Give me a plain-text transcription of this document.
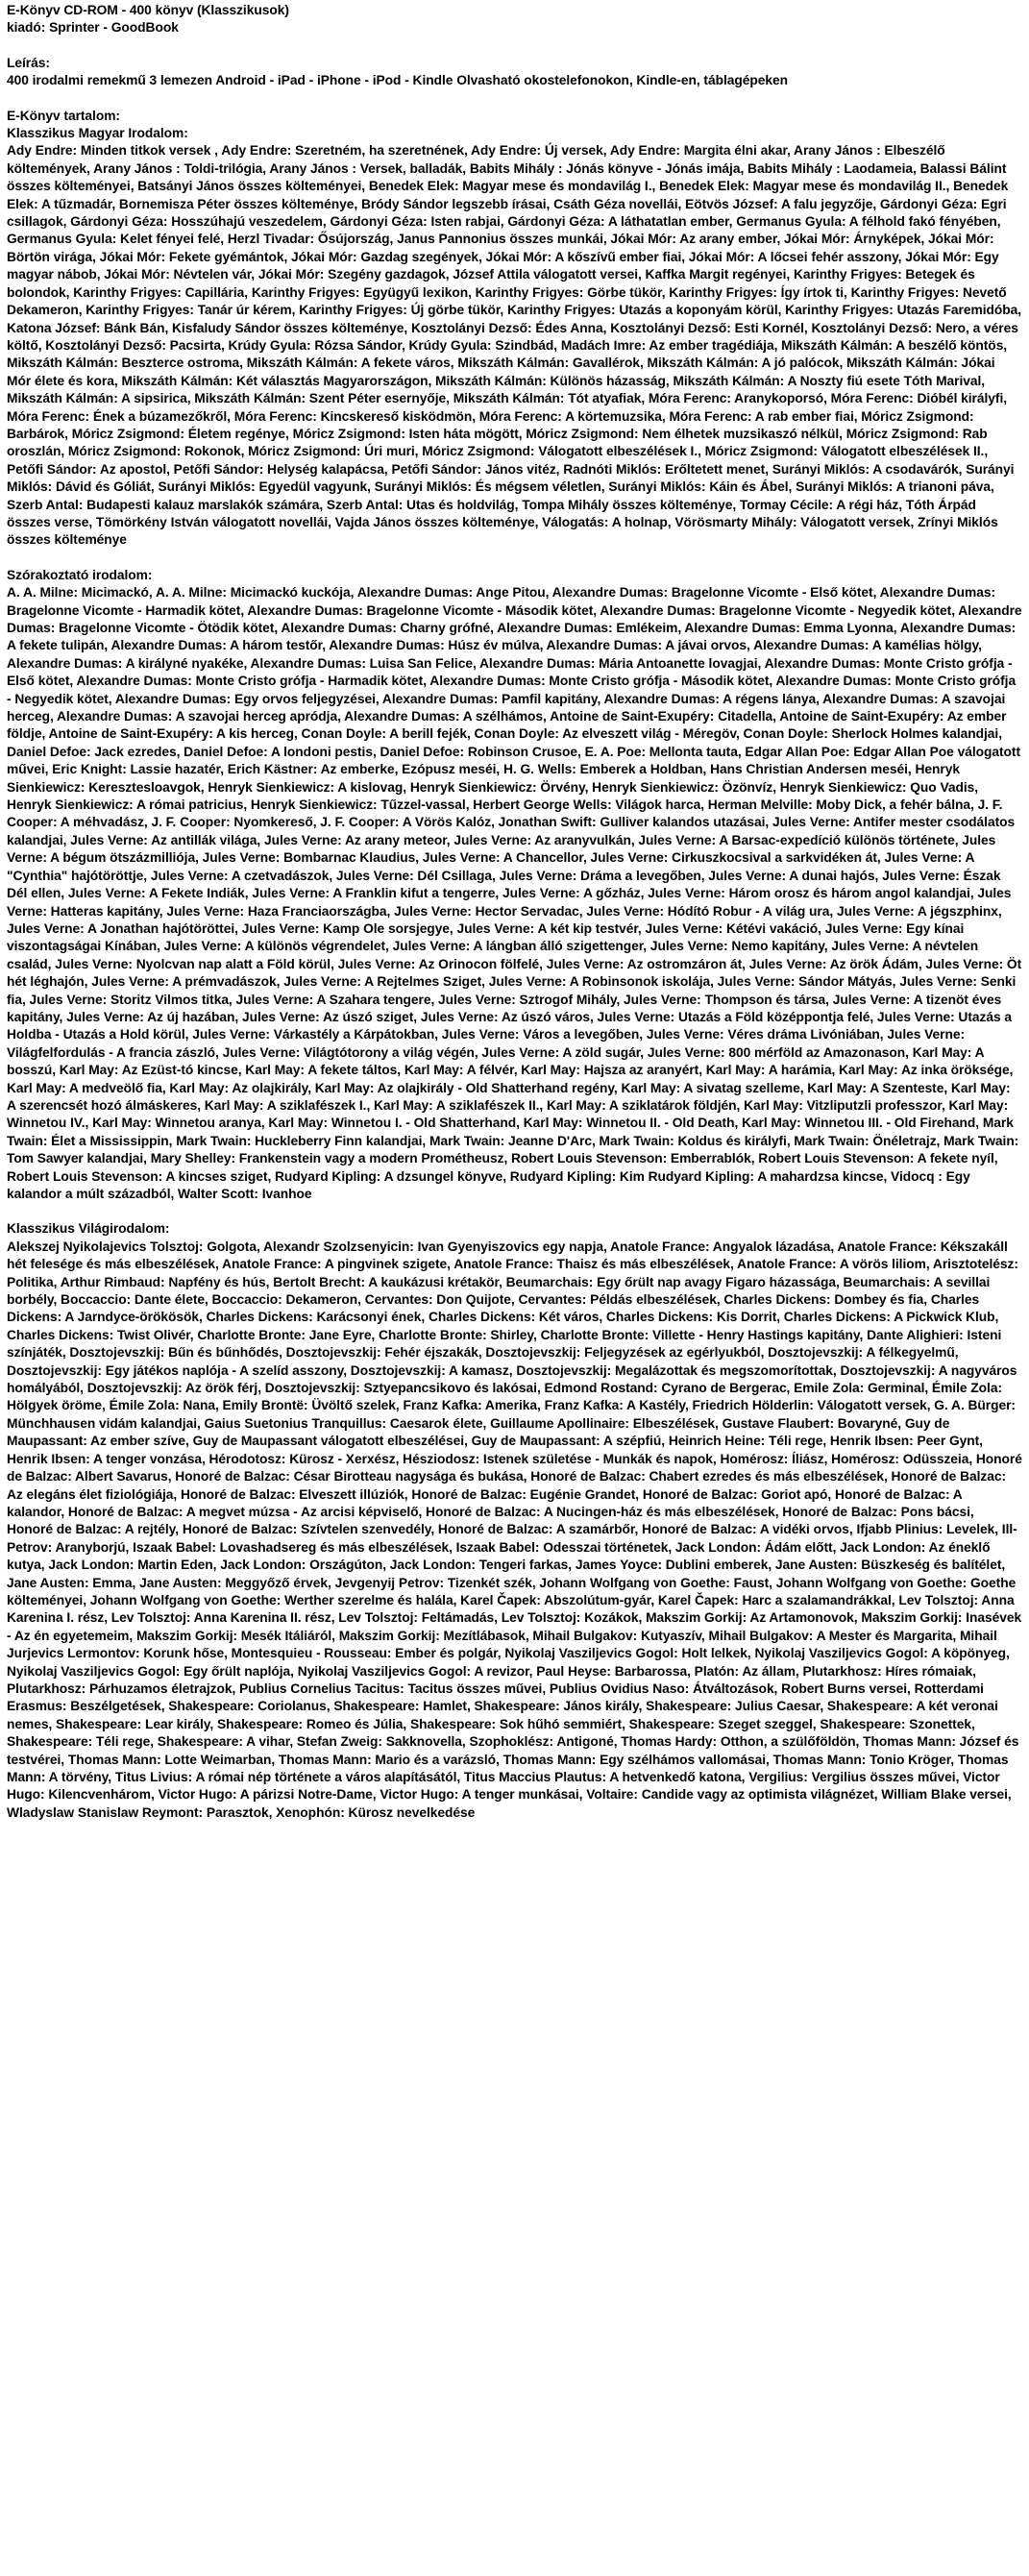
E-Könyv CD-ROM - 400 könyv (Klasszikusok)
kiadó: Sprinter - GoodBook
Leírás:
400 irodalmi remekmű 3 lemezen Android - iPad - iPhone - iPod - Kindle Olvasható okostelefonokon, Kindle-en, táblagépeken
E-Könyv tartalom:
Klasszikus Magyar Irodalom:
Ady Endre: Minden titkok versek , Ady Endre: Szeretném, ha szeretnének, Ady Endre: Új versek, Ady Endre: Margita élni akar, Arany János : Elbeszélő költemények, Arany János : Toldi-trilógia, Arany János : Versek, balladák, Babits Mihály : Jónás könyve - Jónás imája, Babits Mihály : Laodameia, Balassi Bálint összes költeményei, Batsányi János összes költeményei, Benedek Elek: Magyar mese és mondavilág I., Benedek Elek: Magyar mese és mondavilág II., Benedek Elek: A tűzmadár, Bornemisza Péter összes költeménye, Bródy Sándor legszebb írásai, Csáth Géza novellái, Eötvös József: A falu jegyzője, Gárdonyi Géza: Egri csillagok, Gárdonyi Géza: Hosszúhajú veszedelem, Gárdonyi Géza: Isten rabjai, Gárdonyi Géza: A láthatatlan ember, Germanus Gyula: A félhold fakó fényében, Germanus Gyula: Kelet fényei felé, Herzl Tivadar: Ősújország, Janus Pannonius összes munkái, Jókai Mór: Az arany ember, Jókai Mór: Árnyképek, Jókai Mór: Börtön virága, Jókai Mór: Fekete gyémántok, Jókai Mór: Gazdag szegények, Jókai Mór: A kőszívű ember fiai, Jókai Mór: A lőcsei fehér asszony, Jókai Mór: Egy magyar nábob, Jókai Mór: Névtelen vár, Jókai Mór: Szegény gazdagok, József Attila válogatott versei, Kaffka Margit regényei, Karinthy Frigyes: Betegek és bolondok, Karinthy Frigyes: Capillária, Karinthy Frigyes: Együgyű lexikon, Karinthy Frigyes: Görbe tükör, Karinthy Frigyes: Így írtok ti, Karinthy Frigyes: Nevető Dekameron, Karinthy Frigyes: Tanár úr kérem, Karinthy Frigyes: Új görbe tükör, Karinthy Frigyes: Utazás a koponyám körül, Karinthy Frigyes: Utazás Faremidóba, Katona József: Bánk Bán, Kisfaludy Sándor összes költeménye, Kosztolányi Dezső: Édes Anna, Kosztolányi Dezső: Esti Kornél, Kosztolányi Dezső: Nero, a véres költő, Kosztolányi Dezső: Pacsirta, Krúdy Gyula: Rózsa Sándor, Krúdy Gyula: Szindbád, Madách Imre: Az ember tragédiája, Mikszáth Kálmán: A beszélő köntös, Mikszáth Kálmán: Beszterce ostroma, Mikszáth Kálmán: A fekete város, Mikszáth Kálmán: Gavallérok, Mikszáth Kálmán: A jó palócok, Mikszáth Kálmán: Jókai Mór élete és kora, Mikszáth Kálmán: Két választás Magyarországon, Mikszáth Kálmán: Különös házasság, Mikszáth Kálmán: A Noszty fiú esete Tóth Marival, Mikszáth Kálmán: A sipsirica, Mikszáth Kálmán: Szent Péter esernyője, Mikszáth Kálmán: Tót atyafiak, Móra Ferenc: Aranykoporsó, Móra Ferenc: Dióbél királyfi, Móra Ferenc: Ének a búzamezőkről, Móra Ferenc: Kincskereső kisködmön, Móra Ferenc: A körtemuzsika, Móra Ferenc: A rab ember fiai, Móricz Zsigmond: Barbárok, Móricz Zsigmond: Életem regénye, Móricz Zsigmond: Isten háta mögött, Móricz Zsigmond: Nem élhetek muzsikaszó nélkül, Móricz Zsigmond: Rab oroszlán, Móricz Zsigmond: Rokonok, Móricz Zsigmond: Úri muri, Móricz Zsigmond: Válogatott elbeszélések I., Móricz Zsigmond: Válogatott elbeszélések II., Petőfi Sándor: Az apostol, Petőfi Sándor: Helység kalapácsa, Petőfi Sándor: János vitéz, Radnóti Miklós: Erőltetett menet, Surányi Miklós: A csodavárók, Surányi Miklós: Dávid és Góliát, Surányi Miklós: Egyedül vagyunk, Surányi Miklós: És mégsem véletlen, Surányi Miklós: Káin és Ábel, Surányi Miklós: A trianoni páva, Szerb Antal: Budapesti kalauz marslakók számára, Szerb Antal: Utas és holdvilág, Tompa Mihály összes költeménye, Tormay Cécile: A régi ház, Tóth Árpád összes verse, Tömörkény István válogatott novellái, Vajda János összes költeménye, Válogatás: A holnap, Vörösmarty Mihály: Válogatott versek, Zrínyi Miklós összes költeménye
Szórakoztató irodalom:
A. A. Milne: Micimackó, A. A. Milne: Micimackó kuckója, Alexandre Dumas: Ange Pitou, Alexandre Dumas: Bragelonne Vicomte - Első kötet, Alexandre Dumas: Bragelonne Vicomte - Harmadik kötet, Alexandre Dumas: Bragelonne Vicomte - Második kötet, Alexandre Dumas: Bragelonne Vicomte - Negyedik kötet, Alexandre Dumas: Bragelonne Vicomte - Ötödik kötet, Alexandre Dumas: Charny grófné, Alexandre Dumas: Emlékeim, Alexandre Dumas: Emma Lyonna, Alexandre Dumas: A fekete tulipán, Alexandre Dumas: A három testőr, Alexandre Dumas: Húsz év múlva, Alexandre Dumas: A jávai orvos, Alexandre Dumas: A kamélias hölgy, Alexandre Dumas: A királyné nyakéke, Alexandre Dumas: Luisa San Felice, Alexandre Dumas: Mária Antoanette lovagjai, Alexandre Dumas: Monte Cristo grófja - Első kötet, Alexandre Dumas: Monte Cristo grófja - Harmadik kötet, Alexandre Dumas: Monte Cristo grófja - Második kötet, Alexandre Dumas: Monte Cristo grófja - Negyedik kötet, Alexandre Dumas: Egy orvos feljegyzései, Alexandre Dumas: Pamfil kapitány, Alexandre Dumas: A régens lánya, Alexandre Dumas: A szavojai herceg, Alexandre Dumas: A szavojai herceg apródja, Alexandre Dumas: A szélhámos, Antoine de Saint-Exupéry: Citadella, Antoine de Saint-Exupéry: Az ember földje, Antoine de Saint-Exupéry: A kis herceg, Conan Doyle: A berill fejék, Conan Doyle: Az elveszett világ - Méregöv, Conan Doyle: Sherlock Holmes kalandjai, Daniel Defoe: Jack ezredes, Daniel Defoe: A londoni pestis, Daniel Defoe: Robinson Crusoe, E. A. Poe: Mellonta tauta, Edgar Allan Poe: Edgar Allan Poe válogatott művei, Eric Knight: Lassie hazatér, Erich Kästner: Az emberke, Ezópusz meséi, H. G. Wells: Emberek a Holdban, Hans Christian Andersen meséi, Henryk Sienkiewicz: Keresztesloavgok, Henryk Sienkiewicz: A kislovag, Henryk Sienkiewicz: Örvény, Henryk Sienkiewicz: Özönvíz, Henryk Sienkiewicz: Quo Vadis, Henryk Sienkiewicz: A római patricius, Henryk Sienkiewicz: Tűzzel-vassal, Herbert George Wells: Világok harca, Herman Melville: Moby Dick, a fehér bálna, J. F. Cooper: A méhvadász, J. F. Cooper: Nyomkereső, J. F. Cooper: A Vörös Kalóz, Jonathan Swift: Gulliver kalandos utazásai, Jules Verne: Antifer mester csodálatos kalandjai, Jules Verne: Az antillák világa, Jules Verne: Az arany meteor, Jules Verne: Az aranyvulkán, Jules Verne: A Barsac-expedíció különös története, Jules Verne: A bégum ötszázmilliója, Jules Verne: Bombarnac Klaudius, Jules Verne: A Chancellor, Jules Verne: Cirkuszkocsival a sarkvidéken át, Jules Verne: A "Cynthia" hajótöröttje, Jules Verne: A czetvadászok, Jules Verne: Dél Csillaga, Jules Verne: Dráma a levegőben, Jules Verne: A dunai hajós, Jules Verne: Észak Dél ellen, Jules Verne: A Fekete Indiák, Jules Verne: A Franklin kifut a tengerre, Jules Verne: A gőzház, Jules Verne: Három orosz és három angol kalandjai, Jules Verne: Hatteras kapitány, Jules Verne: Haza Franciaországba, Jules Verne: Hector Servadac, Jules Verne: Hódító Robur - A világ ura, Jules Verne: A jégszphinx, Jules Verne: A Jonathan hajótöröttei, Jules Verne: Kamp Ole sorsjegye, Jules Verne: A két kip testvér, Jules Verne: Kétévi vakáció, Jules Verne: Egy kínai viszontagságai Kínában, Jules Verne: A különös végrendelet, Jules Verne: A lángban álló szigettenger, Jules Verne: Nemo kapitány, Jules Verne: A névtelen család, Jules Verne: Nyolcvan nap alatt a Föld körül, Jules Verne: Az Orinocon fölfelé, Jules Verne: Az ostromzáron át, Jules Verne: Az örök Ádám, Jules Verne: Öt hét léghajón, Jules Verne: A prémvadászok, Jules Verne: A Rejtelmes Sziget, Jules Verne: A Robinsonok iskolája, Jules Verne: Sándor Mátyás, Jules Verne: Senki fia, Jules Verne: Storitz Vilmos titka, Jules Verne: A Szahara tengere, Jules Verne: Sztrogof Mihály, Jules Verne: Thompson és társa, Jules Verne: A tizenöt éves kapitány, Jules Verne: Az új hazában, Jules Verne: Az úszó sziget, Jules Verne: Az úszó város, Jules Verne: Utazás a Föld középpontja felé, Jules Verne: Utazás a Holdba - Utazás a Hold körül, Jules Verne: Várkastély a Kárpátokban, Jules Verne: Város a levegőben, Jules Verne: Véres dráma Livóniában, Jules Verne: Világfelfordulás - A francia zászló, Jules Verne: Világtótorony a világ végén, Jules Verne: A zöld sugár, Jules Verne: 800 mérföld az Amazonason, Karl May: A bosszú, Karl May: Az Ezüst-tó kincse, Karl May: A fekete táltos, Karl May: A félvér, Karl May: Hajsza az aranyért, Karl May: A harámia, Karl May: Az inka öröksége, Karl May: A medveölő fia, Karl May: Az olajkirály, Karl May: Az olajkirály - Old Shatterhand regény, Karl May: A sivatag szelleme, Karl May: A Szenteste, Karl May: A szerencsét hozó álmáskeres, Karl May: A sziklafészek I., Karl May: A sziklafészek II., Karl May: A sziklatárok földjén, Karl May: Vitzliputzli professzor, Karl May: Winnetou IV., Karl May: Winnetou aranya, Karl May: Winnetou I. - Old Shatterhand, Karl May: Winnetou II. - Old Death, Karl May: Winnetou III. - Old Firehand, Mark Twain: Élet a Mississippin, Mark Twain: Huckleberry Finn kalandjai, Mark Twain: Jeanne D'Arc, Mark Twain: Koldus és királyfi, Mark Twain: Önéletrajz, Mark Twain: Tom Sawyer kalandjai, Mary Shelley: Frankenstein vagy a modern Prométheusz, Robert Louis Stevenson: Emberrablók, Robert Louis Stevenson: A fekete nyíl, Robert Louis Stevenson: A kincses sziget, Rudyard Kipling: A dzsungel könyve, Rudyard Kipling: Kim Rudyard Kipling: A mahardzsa kincse, Vidocq : Egy kalandor a múlt századból, Walter Scott: Ivanhoe
Klasszikus Világirodalom:
Alekszej Nyikolajevics Tolsztoj: Golgota, Alexandr Szolzsenyicin: Ivan Gyenyiszovics egy napja, Anatole France: Angyalok lázadása, Anatole France: Kékszakáll hét felesége és más elbeszélések, Anatole France: A pingvinek szigete, Anatole France: Thaisz és más elbeszélések, Anatole France: A vörös liliom, Arisztotelész: Politika, Arthur Rimbaud: Napfény és hús, Bertolt Brecht: A kaukázusi krétakör, Beumarchais: Egy őrült nap avagy Figaro házassága, Beumarchais: A sevillai borbély, Boccaccio: Dante élete, Boccaccio: Dekameron, Cervantes: Don Quijote, Cervantes: Példás elbeszélések, Charles Dickens: Dombey és fia, Charles Dickens: A Jarndyce-örökösök, Charles Dickens: Karácsonyi ének, Charles Dickens: Két város, Charles Dickens: Kis Dorrit, Charles Dickens: A Pickwick Klub, Charles Dickens: Twist Olivér, Charlotte Bronte: Jane Eyre, Charlotte Bronte: Shirley, Charlotte Bronte: Villette - Henry Hastings kapitány, Dante Alighieri: Isteni színjáték, Dosztojevszkij: Bűn és bűnhődés, Dosztojevszkij: Fehér éjszakák, Dosztojevszkij: Feljegyzések az egérlyukból, Dosztojevszkij: A félkegyelmű, Dosztojevszkij: Egy játékos naplója - A szelíd asszony, Dosztojevszkij: A kamasz, Dosztojevszkij: Megalázottak és megszomorítottak, Dosztojevszkij: A nagyváros homályából, Dosztojevszkij: Az örök férj, Dosztojevszkij: Sztyepancsikovo és lakósai, Edmond Rostand: Cyrano de Bergerac, Emile Zola: Germinal, Émile Zola: Hölgyek öröme, Émile Zola: Nana, Emily Brontë: Üvöltő szelek, Franz Kafka: Amerika, Franz Kafka: A Kastély, Friedrich Hölderlin: Válogatott versek, G. A. Bürger: Münchhausen vidám kalandjai, Gaius Suetonius Tranquillus: Caesarok élete, Guillaume Apollinaire: Elbeszélések, Gustave Flaubert: Bovaryné, Guy de Maupassant: Az ember szíve, Guy de Maupassant válogatott elbeszélései, Guy de Maupassant: A szépfiú, Heinrich Heine: Téli rege, Henrik Ibsen: Peer Gynt, Henrik Ibsen: A tenger vonzása, Hérodotosz: Kürosz - Xerxész, Hésziodosz: Istenek születése - Munkák és napok, Homérosz: Íliász, Homérosz: Odüsszeia, Honoré de Balzac: Albert Savarus, Honoré de Balzac: César Birotteau nagysága és bukása, Honoré de Balzac: Chabert ezredes és más elbeszélések, Honoré de Balzac: Az elegáns élet fiziológiája, Honoré de Balzac: Elveszett illúziók, Honoré de Balzac: Eugénie Grandet, Honoré de Balzac: Goriot apó, Honoré de Balzac: A kalandor, Honoré de Balzac: A megvet múzsa - Az arcisi képviselő, Honoré de Balzac: A Nucingen-ház és más elbeszélések, Honoré de Balzac: Pons bácsi, Honoré de Balzac: A rejtély, Honoré de Balzac: Szívtelen szenvedély, Honoré de Balzac: A szamárbőr, Honoré de Balzac: A vidéki orvos, Ifjabb Plinius: Levelek, Ill-Petrov: Aranyborjú, Iszaak Babel: Lovashadsereg és más elbeszélések, Iszaak Babel: Odesszai történetek, Jack London: Ádám előtt, Jack London: Az éneklő kutya, Jack London: Martin Eden, Jack London: Országúton, Jack London: Tengeri farkas, James Yoyce: Dublini emberek, Jane Austen: Büszkeség és balítélet, Jane Austen: Emma, Jane Austen: Meggyőző érvek, Jevgenyij Petrov: Tizenkét szék, Johann Wolfgang von Goethe: Faust, Johann Wolfgang von Goethe: Goethe költeményei, Johann Wolfgang von Goethe: Werther szerelme és halála, Karel Čapek: Abszolútum-gyár, Karel Čapek: Harc a szalamandrákkal, Lev Tolsztoj: Anna Karenina I. rész, Lev Tolsztoj: Anna Karenina II. rész, Lev Tolsztoj: Feltámadás, Lev Tolsztoj: Kozákok, Makszim Gorkij: Az Artamonovok, Makszim Gorkij: Inasévek - Az én egyetemeim, Makszim Gorkij: Mesék Itáliáról, Makszim Gorkij: Mezítlábasok, Mihail Bulgakov: Kutyaszív, Mihail Bulgakov: A Mester és Margarita, Mihail Jurjevics Lermontov: Korunk hőse, Montesquieu - Rousseau: Ember és polgár, Nyikolaj Vasziljevics Gogol: Holt lelkek, Nyikolaj Vasziljevics Gogol: A köpönyeg, Nyikolaj Vasziljevics Gogol: Egy őrült naplója, Nyikolaj Vasziljevics Gogol: A revizor, Paul Heyse: Barbarossa, Platón: Az állam, Plutarkhosz: Híres rómaiak, Plutarkhosz: Párhuzamos életrajzok, Publius Cornelius Tacitus: Tacitus összes művei, Publius Ovidius Naso: Átváltozások, Robert Burns versei, Rotterdami Erasmus: Beszélgetések, Shakespeare: Coriolanus, Shakespeare: Hamlet, Shakespeare: János király, Shakespeare: Julius Caesar, Shakespeare: A két veronai nemes, Shakespeare: Lear király, Shakespeare: Romeo és Júlia, Shakespeare: Sok hűhó semmiért, Shakespeare: Szeget szeggel, Shakespeare: Szonettek, Shakespeare: Téli rege, Shakespeare: A vihar, Stefan Zweig: Sakknovella, Szophoklész: Antigoné, Thomas Hardy: Otthon, a szülőföldön, Thomas Mann: József és testvérei, Thomas Mann: Lotte Weimarban, Thomas Mann: Mario és a varázsló, Thomas Mann: Egy szélhámos vallomásai, Thomas Mann: Tonio Kröger, Thomas Mann: A törvény, Titus Livius: A római nép története a város alapításától, Titus Maccius Plautus: A hetvenkedő katona, Vergilius: Vergilius összes művei, Victor Hugo: Kilencvenhárom, Victor Hugo: A párizsi Notre-Dame, Victor Hugo: A tenger munkásai, Voltaire: Candide vagy az optimista világnézet, William Blake versei, Wladyslaw Stanislaw Reymont: Parasztok, Xenophón: Kürosz nevelkedése
